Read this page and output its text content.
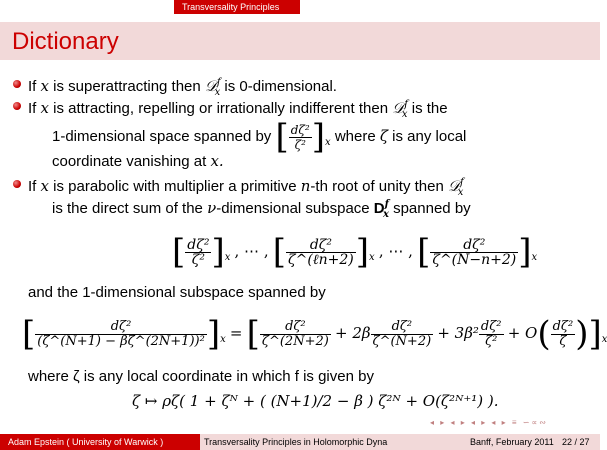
Transversality Principles
Dictionary
If x is superattracting then 𝒟$^f_x$ is 0-dimensional.
If x is attracting, repelling or irrationally indifferent then 𝒟$^f_x$ is the
1-dimensional space spanned by [ $\frac{\text{dζ²}}{\text{ζ²}} ]_x$ where ζ is any local
coordinate vanishing at x.
If x is parabolic with multiplier a primitive n-th root of unity then 𝒟$^f_x$
is the direct sum of the ν-dimensional subspace $D^f_x$ spanned by
[ $\frac{\text{dζ²}}{\text{ζ²}} ]_x$ , ⋯ , [ $\frac{\text{dζ²}}{\text{ζ\textasciicircum{}(ℓn+2)}} ]_x$ , ⋯ , [ $\frac{\text{dζ²}}{\zeta\^{}(N-n+2)} ]_x$
and the 1-dimensional subspace spanned by
[ $\frac{\text{dζ²}}{\text{(ζ\textasciicircum{}(N+1) − βζ\textasciicircum{}(2N+1))²}} ]_x$ = [ $\frac{\text{dζ²}}{\zeta\^{}(2N+2)} + 2\beta \frac{\text{dζ²}}{\zeta\^{}(N+2)} + 3\beta^2 \frac{\text{dζ²}}{\text{ζ²}} + O( \frac{\text{dζ²}}{\zeta} )]_x$
where ζ is any local coordinate in which f is given by
ζ ↦ ρζ( 1 + ζᴺ + ( (N+1)/2 − β ) ζ²ᴺ + O(ζ²ᴺ⁺¹) ).
◂ ▸ ◂ ▸ ◂ ▸ ◂ ▸ ≡ ∽∝∾
Adam Epstein ( University of Warwick )	Transversality Principles in Holomorphic Dyna	Banff, February 2011 22 / 27
